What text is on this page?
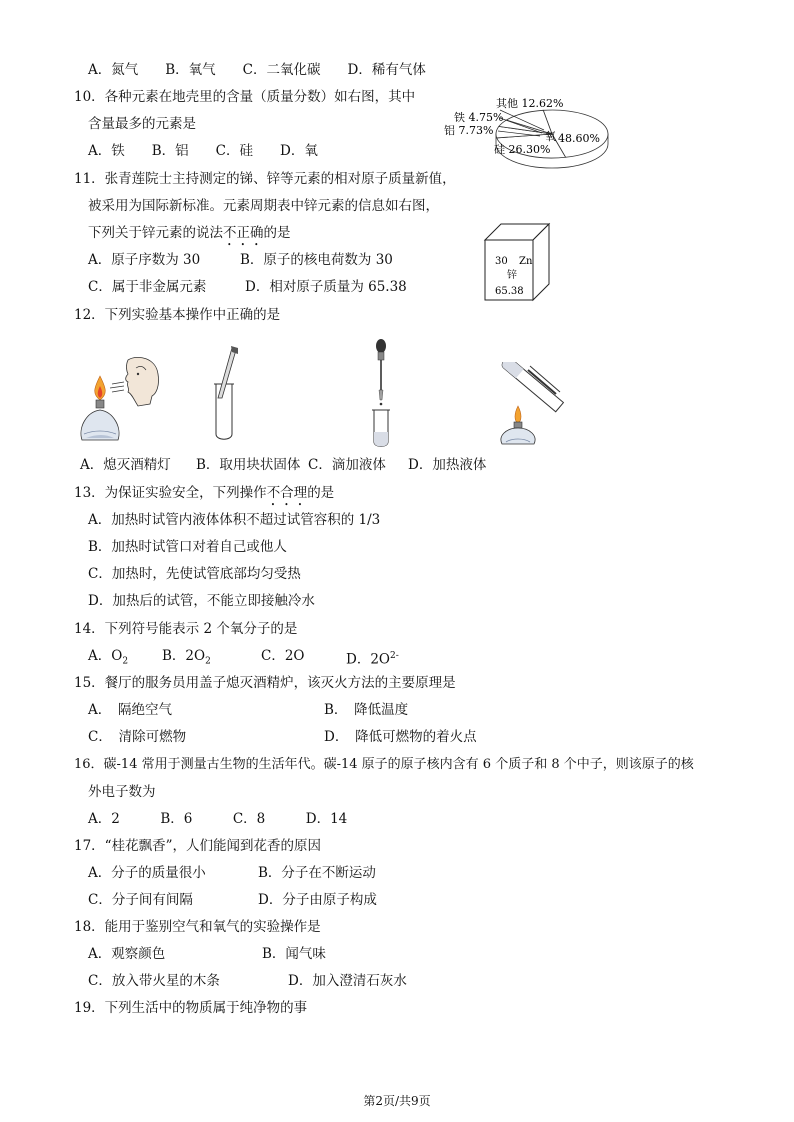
A．氮气　　B．氧气　　C．二氧化碳　　D．稀有气体
10．各种元素在地壳里的含量（质量分数）如右图，其中
含量最多的元素是
A．铁　　B．铝　　C．硅　　D．氧
其他 12.62%
铁 4.75%
铝 7.73%	氧 48.60%
硅 26.30%
11．张青莲院士主持测定的锑、锌等元素的相对原子质量新值，
被采用为国际新标准。元素周期表中锌元素的信息如右图，
下列关于锌元素的说法不正确的是
A．原子序数为 30	B．原子的核电荷数为 30
C．属于非金属元素	D．相对原子质量为 65.38
30 Zn
锌
65.38
12．下列实验基本操作中正确的是
A．熄灭酒精灯 B．取用块状固体 C．滴加液体 D．加热液体
13．为保证实验安全，下列操作不合理的是
A．加热时试管内液体体积不超过试管容积的 1/3
B．加热时试管口对着自己或他人
C．加热时，先使试管底部均匀受热
D．加热后的试管，不能立即接触冷水
14．下列符号能表示 2 个氧分子的是
A．$O_2$	B．$2O_2$	C．2O	D．$2O^{2-}$
15．餐厅的服务员用盖子熄灭酒精炉，该灭火方法的主要原理是
A．　隔绝空气	B．　降低温度
C．　清除可燃物	D．　降低可燃物的着火点
16．碳-14 常用于测量古生物的生活年代。碳-14 原子的原子核内含有 6 个质子和 8 个中子，则该原子的核
外电子数为
A．2　　　B．6　　　C．8　　　D．14
17．“桂花飘香”，人们能闻到花香的原因
A．分子的质量很小	B．分子在不断运动
C．分子间有间隔	D．分子由原子构成
18．能用于鉴别空气和氧气的实验操作是
A．观察颜色	B．闻气味
C．放入带火星的木条	D．加入澄清石灰水
19．下列生活中的物质属于纯净物的事
第2页/共9页
